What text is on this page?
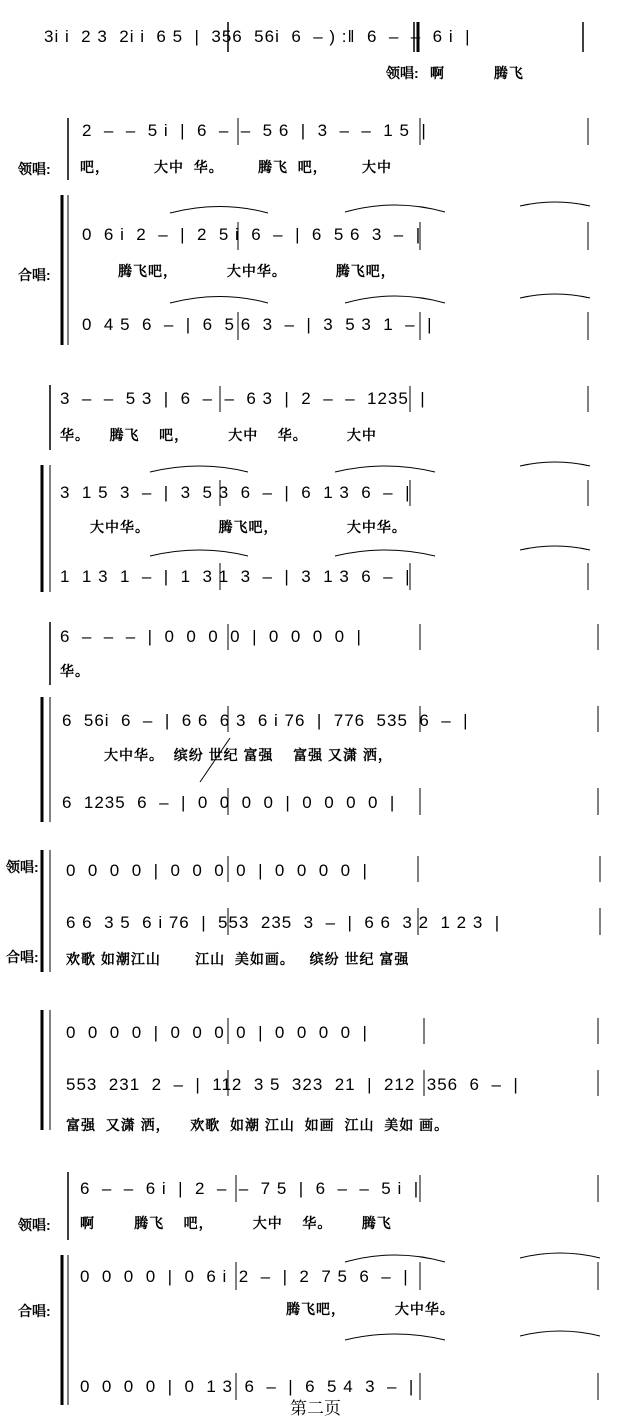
3i i  2 3  2i i  6 5  |  356  56i  6  – ) :‖  6  –  –  6 i  |
领唱: 啊          腾飞
领唱:
2  –  –  5 i  |  6  –  –  5 6  |  3  –  –  1 5  |
吧，         大中  华。       腾飞  吧，       大中
合唱:
0  6 i  2  –  |  2  5 i  6  –  |  6  5 6  3  –  |
腾飞吧，          大中华。          腾飞吧，
0  4 5  6  –  |  6  5 6  3  –  |  3  5 3  1  –  |
3  –  –  5 3  |  6  –  –  6 3  |  2  –  –  1235  |
华。    腾飞    吧，        大中    华。        大中
3  1 5  3  –  |  3  5 3  6  –  |  6  1 3  6  –  |
大中华。              腾飞吧，              大中华。
1  1 3  1  –  |  1  3 1  3  –  |  3  1 3  6  –  |
6  –  –  –  |  0  0  0  0  |  0  0  0  0  |
华。
6  56i  6  –  |  6 6  6 3  6 i 76  |  776  535  6  –  |
大中华。  缤纷 世纪 富强    富强 又潇 洒，
6  1235  6  –  |  0  0  0  0  |  0  0  0  0  |
领唱: 0  0  0  0  |  0  0  0  0  |  0  0  0  0  |
合唱:
6 6  3 5  6 i 76  |  553  235  3  –  |  6 6  3 2  1 2 3  |
欢歌 如潮江山       江山  美如画。   缤纷 世纪 富强
0  0  0  0  |  0  0  0  0  |  0  0  0  0  |
553  231  2  –  |  112  3 5  323  21  |  212  356  6  –  |
富强  又潇 洒，    欢歌  如潮 江山  如画  江山  美如 画。
领唱:
6  –  –  6 i  |  2  –  –  7 5  |  6  –  –  5 i  |
啊        腾飞    吧，        大中    华。      腾飞
合唱:
0  0  0  0  |  0  6 i  2  –  |  2  7 5  6  –  |
腾飞吧，          大中华。
0  0  0  0  |  0  1 3  6  –  |  6  5 4  3  –  |
第二页
